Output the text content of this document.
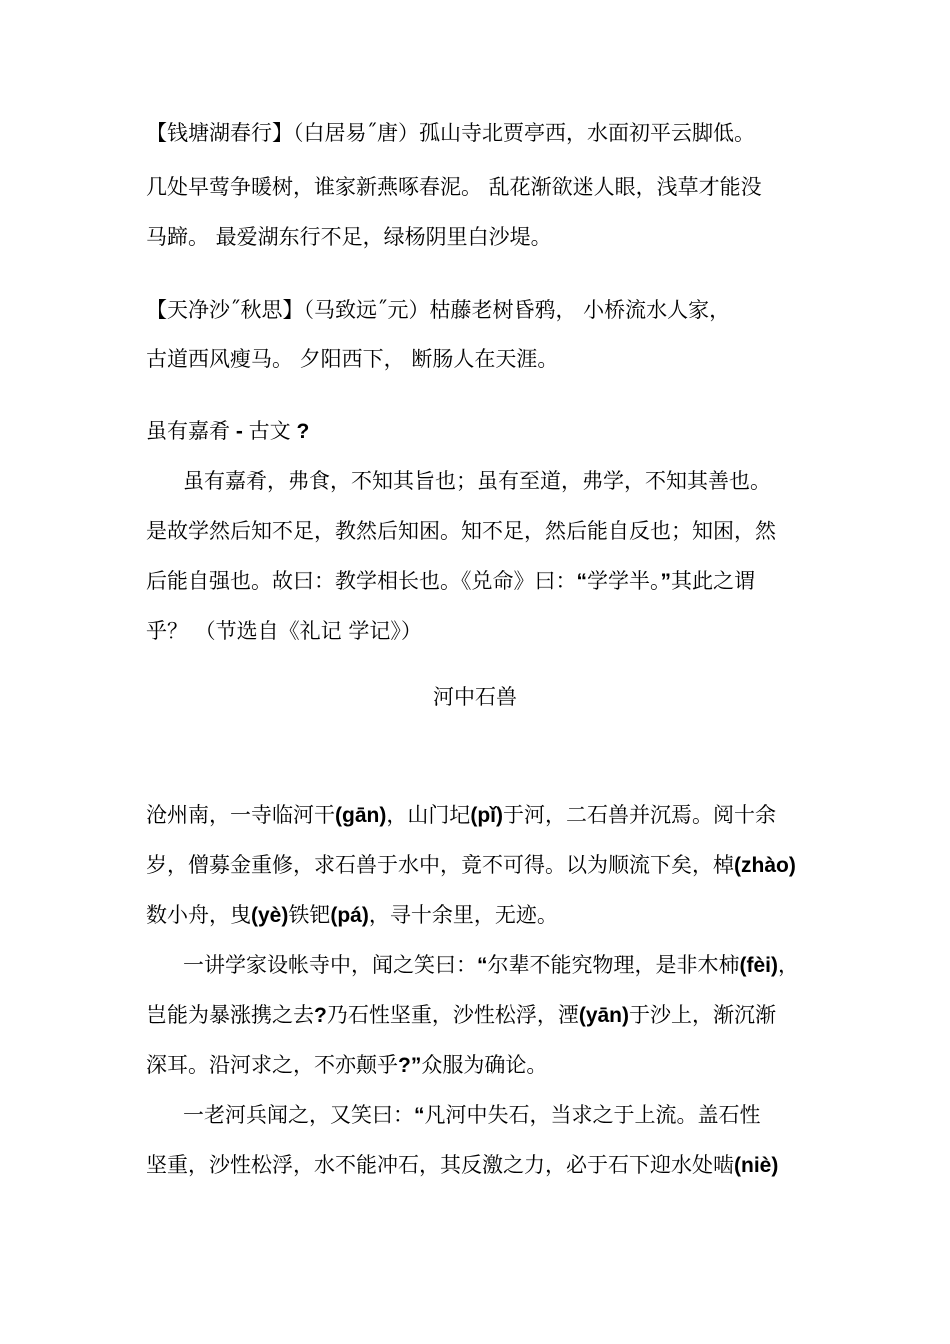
【钱塘湖春行】（白居易˝唐）孤山寺北贾亭西，水面初平云脚低。
几处早莺争暖树，谁家新燕啄春泥。 乱花渐欲迷人眼，浅草才能没
马蹄。 最爱湖东行不足，绿杨阴里白沙堤。
【天净沙˝秋思】（马致远˝元）枯藤老树昏鸦， 小桥流水人家，
古道西风瘦马。 夕阳西下， 断肠人在天涯。
虽有嘉肴 - 古文 ?
虽有嘉肴，弗食，不知其旨也；虽有至道，弗学，不知其善也。
是故学然后知不足，教然后知困。知不足，然后能自反也；知困，然
后能自强也。故曰：教学相长也。《兑命》曰：“学学半。”其此之谓
乎？ （节选自《礼记 学记》）
河中石兽
沧州南，一寺临河干(gān)，山门圮(pǐ)于河，二石兽并沉焉。阅十余
岁，僧募金重修，求石兽于水中，竟不可得。以为顺流下矣，棹(zhào)
数小舟，曳(yè)铁钯(pá)，寻十余里，无迹。
一讲学家设帐寺中，闻之笑曰：“尔辈不能究物理，是非木柿(fèi)，
岂能为暴涨携之去?乃石性坚重，沙性松浮，湮(yān)于沙上，渐沉渐
深耳。沿河求之，不亦颠乎?”众服为确论。
一老河兵闻之，又笑曰：“凡河中失石，当求之于上流。盖石性
坚重，沙性松浮，水不能冲石，其反激之力，必于石下迎水处啮(niè)
